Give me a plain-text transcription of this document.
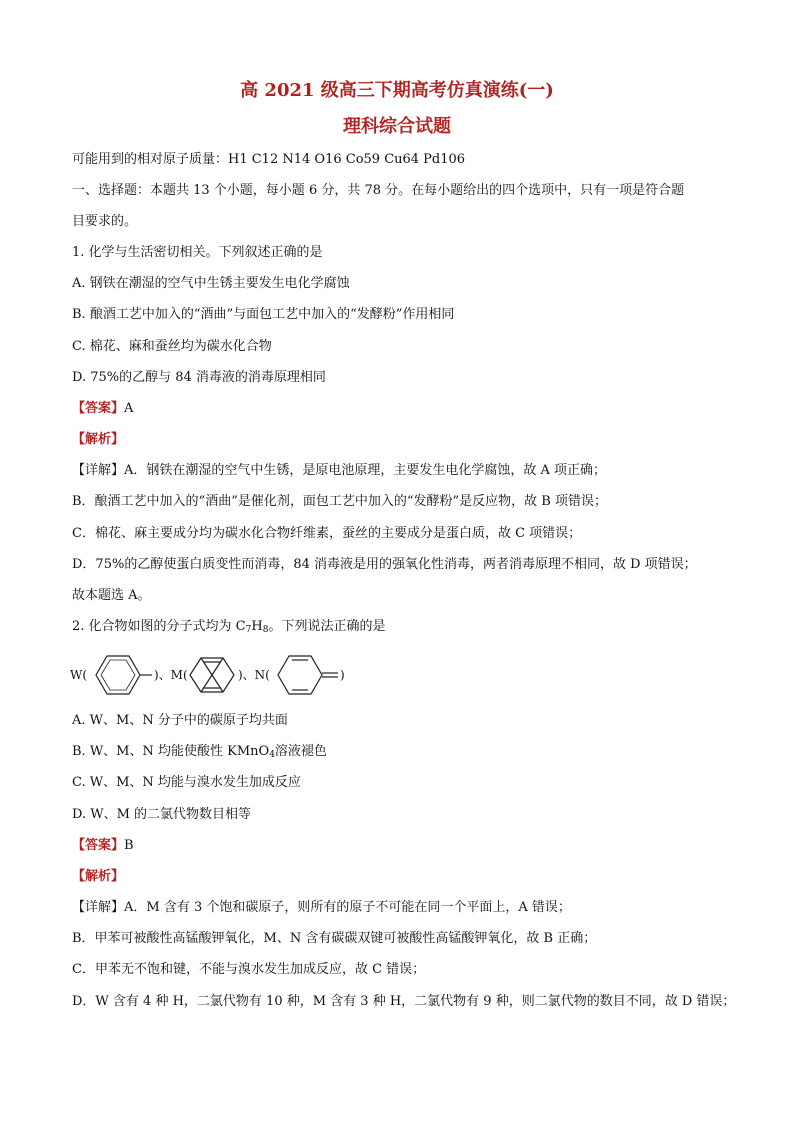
高 2021 级高三下期高考仿真演练(一)
理科综合试题
可能用到的相对原子质量：H1 C12 N14 O16 Co59 Cu64 Pd106
一、选择题：本题共 13 个小题，每小题 6 分，共 78 分。在每小题给出的四个选项中，只有一项是符合题
目要求的。
1. 化学与生活密切相关。下列叙述正确的是
A. 钢铁在潮湿的空气中生锈主要发生电化学腐蚀
B. 酿酒工艺中加入的“酒曲”与面包工艺中加入的“发酵粉”作用相同
C. 棉花、麻和蚕丝均为碳水化合物
D. 75%的乙醇与 84 消毒液的消毒原理相同
【答案】A
【解析】
【详解】A．钢铁在潮湿的空气中生锈，是原电池原理，主要发生电化学腐蚀，故 A 项正确；
B．酿酒工艺中加入的“酒曲”是催化剂，面包工艺中加入的“发酵粉”是反应物，故 B 项错误；
C．棉花、麻主要成分均为碳水化合物纤维素，蚕丝的主要成分是蛋白质，故 C 项错误；
D．75%的乙醇使蛋白质变性而消毒，84 消毒液是用的强氧化性消毒，两者消毒原理不相同，故 D 项错误；
故本题选 A。
2. 化合物如图的分子式均为 $C_7H_8$。下列说法正确的是
W(	)、M(	)、N(	)
A. W、M、N 分子中的碳原子均共面
B. W、M、N 均能使酸性 KMnO$_4$溶液褪色
C. W、M、N 均能与溴水发生加成反应
D. W、M 的二氯代物数目相等
【答案】B
【解析】
【详解】A．M 含有 3 个饱和碳原子，则所有的原子不可能在同一个平面上，A 错误；
B．甲苯可被酸性高锰酸钾氧化，M、N 含有碳碳双键可被酸性高锰酸钾氧化，故 B 正确；
C．甲苯无不饱和键，不能与溴水发生加成反应，故 C 错误；
D．W 含有 4 种 H，二氯代物有 10 种，M 含有 3 种 H，二氯代物有 9 种，则二氯代物的数目不同，故 D 错误；
